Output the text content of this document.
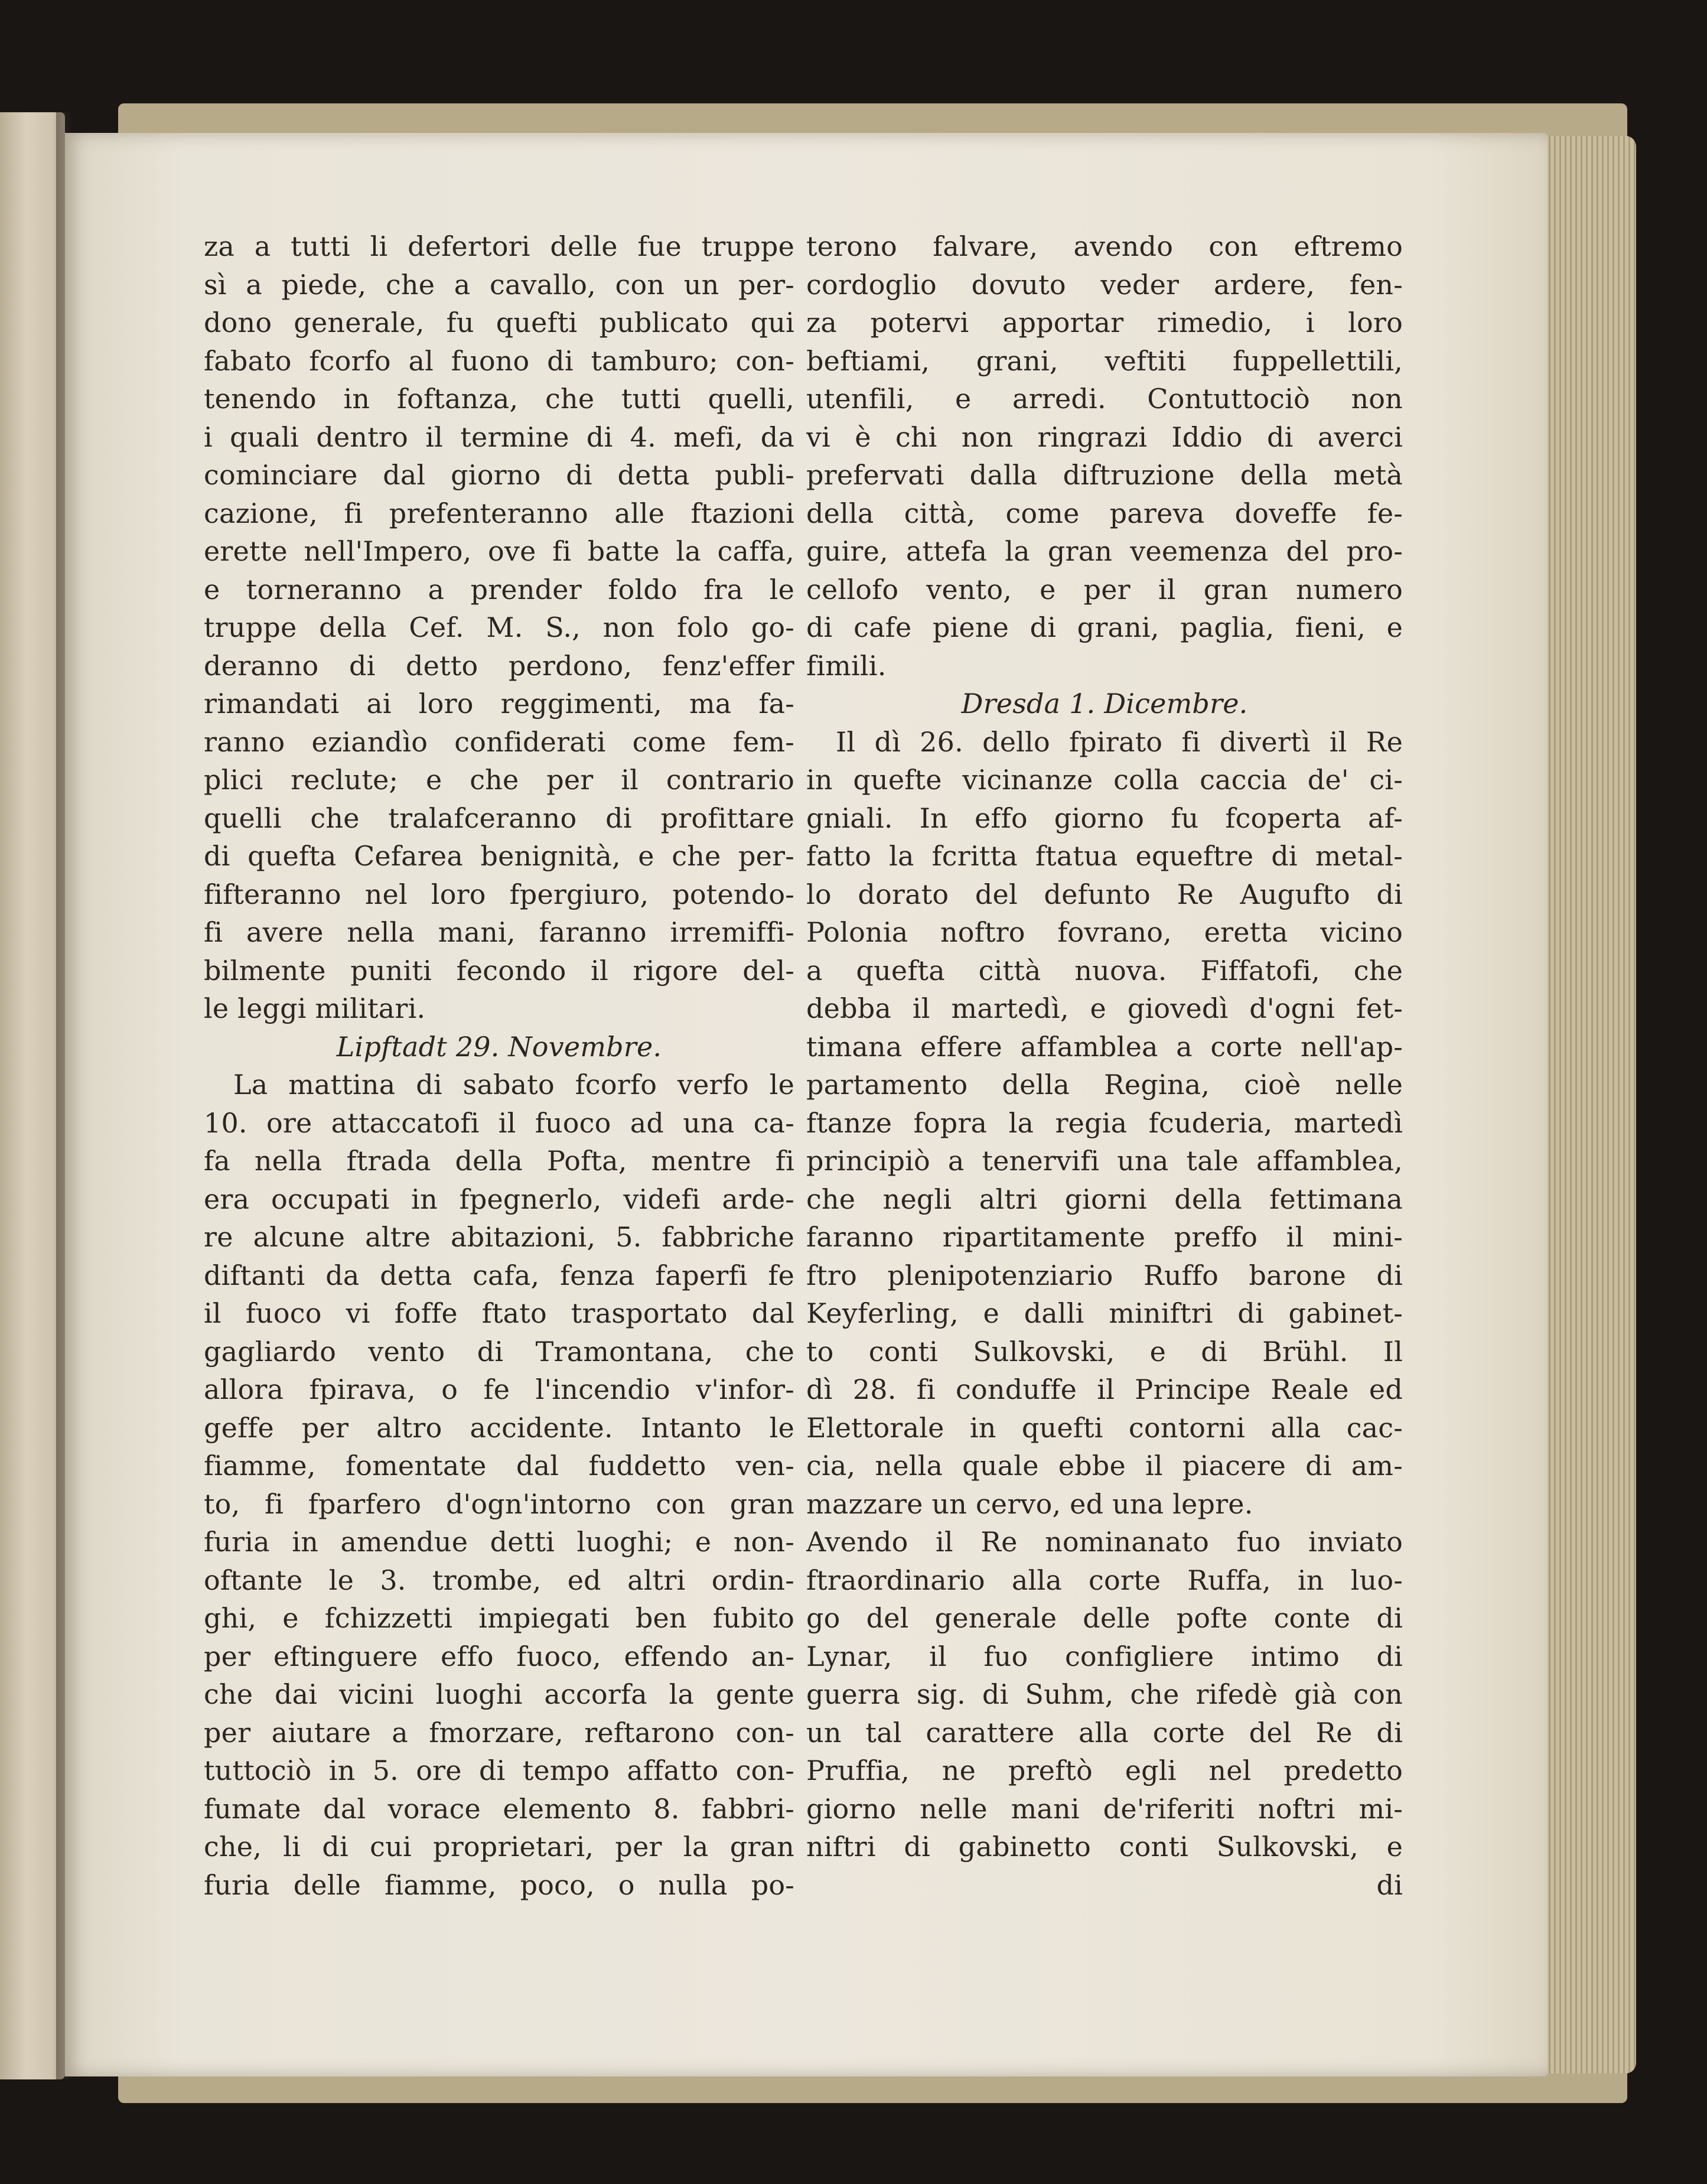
za a tutti li defertori delle fue truppe
sì a piede, che a cavallo, con un per-
dono generale, fu quefti publicato qui
fabato fcorfo al fuono di tamburo; con-
tenendo in foftanza, che tutti quelli,
i quali dentro il termine di 4. mefi, da
cominciare dal giorno di detta publi-
cazione, fi prefenteranno alle ftazioni
erette nell'Impero, ove fi batte la caffa,
e torneranno a prender foldo fra le
truppe della Cef. M. S., non folo go-
deranno di detto perdono, fenz'effer
rimandati ai loro reggimenti, ma fa-
ranno eziandìo confiderati come fem-
plici reclute; e che per il contrario
quelli che tralafceranno di profittare
di quefta Cefarea benignità, e che per-
fifteranno nel loro fpergiuro, potendo-
fi avere nella mani, faranno irremiffi-
bilmente puniti fecondo il rigore del-
le leggi militari.
Lipftadt 29. Novembre.
La mattina di sabato fcorfo verfo le
10. ore attaccatofi il fuoco ad una ca-
fa nella ftrada della Pofta, mentre fi
era occupati in fpegnerlo, videfi arde-
re alcune altre abitazioni, 5. fabbriche
diftanti da detta cafa, fenza faperfi fe
il fuoco vi foffe ftato trasportato dal
gagliardo vento di Tramontana, che
allora fpirava, o fe l'incendio v'infor-
geffe per altro accidente. Intanto le
fiamme, fomentate dal fuddetto ven-
to, fi fparfero d'ogn'intorno con gran
furia in amendue detti luoghi; e non-
oftante le 3. trombe, ed altri ordin-
ghi, e fchizzetti impiegati ben fubito
per eftinguere effo fuoco, effendo an-
che dai vicini luoghi accorfa la gente
per aiutare a fmorzare, reftarono con-
tuttociò in 5. ore di tempo affatto con-
fumate dal vorace elemento 8. fabbri-
che, li di cui proprietari, per la gran
furia delle fiamme, poco, o nulla po-
terono falvare, avendo con eftremo
cordoglio dovuto veder ardere, fen-
za potervi apportar rimedio, i loro
beftiami, grani, veftiti fuppellettili,
utenfili, e arredi. Contuttociò non
vi è chi non ringrazi Iddio di averci
prefervati dalla diftruzione della metà
della città, come pareva doveffe fe-
guire, attefa la gran veemenza del pro-
cellofo vento, e per il gran numero
di cafe piene di grani, paglia, fieni, e
fimili.
Dresda 1. Dicembre.
Il dì 26. dello fpirato fi divertì il Re
in quefte vicinanze colla caccia de' ci-
gniali. In effo giorno fu fcoperta af-
fatto la fcritta ftatua equeftre di metal-
lo dorato del defunto Re Augufto di
Polonia noftro fovrano, eretta vicino
a quefta città nuova. Fiffatofi, che
debba il martedì, e giovedì d'ogni fet-
timana effere affamblea a corte nell'ap-
partamento della Regina, cioè nelle
ftanze fopra la regia fcuderia, martedì
principiò a tenervifi una tale affamblea,
che negli altri giorni della fettimana
faranno ripartitamente preffo il mini-
ftro plenipotenziario Ruffo barone di
Keyferling, e dalli miniftri di gabinet-
to conti Sulkovski, e di Brühl. Il
dì 28. fi conduffe il Principe Reale ed
Elettorale in quefti contorni alla cac-
cia, nella quale ebbe il piacere di am-
mazzare un cervo, ed una lepre.
Avendo il Re nominanato fuo inviato
ftraordinario alla corte Ruffa, in luo-
go del generale delle pofte conte di
Lynar, il fuo configliere intimo di
guerra sig. di Suhm, che rifedè già con
un tal carattere alla corte del Re di
Pruffia, ne preftò egli nel predetto
giorno nelle mani de'riferiti noftri mi-
niftri di gabinetto conti Sulkovski, e
di
